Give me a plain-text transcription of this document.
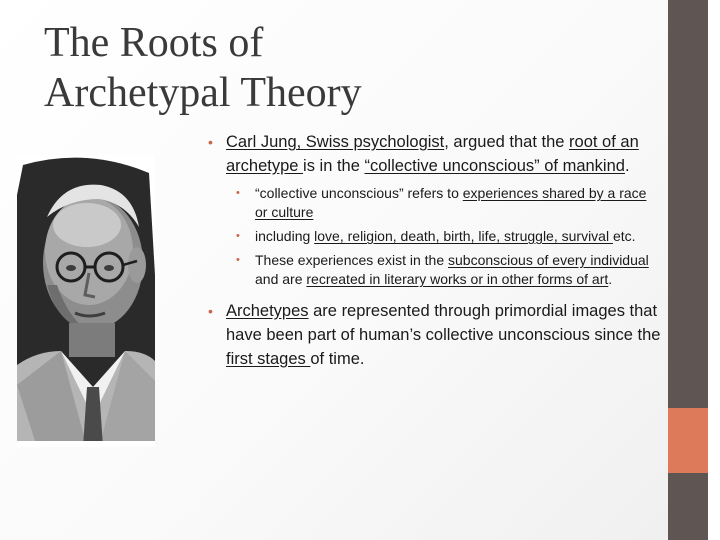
The Roots of
Archetypal Theory
• Carl Jung, Swiss psychologist, argued that the root of an archetype is in the “collective unconscious” of mankind.
• “collective unconscious” refers to experiences shared by a race or culture
• including love, religion, death, birth, life, struggle, survival etc.
• These experiences exist in the subconscious of every individual and are recreated in literary works or in other forms of art.
• Archetypes are represented through primordial images that have been part of human’s collective unconscious since the first stages of time.
